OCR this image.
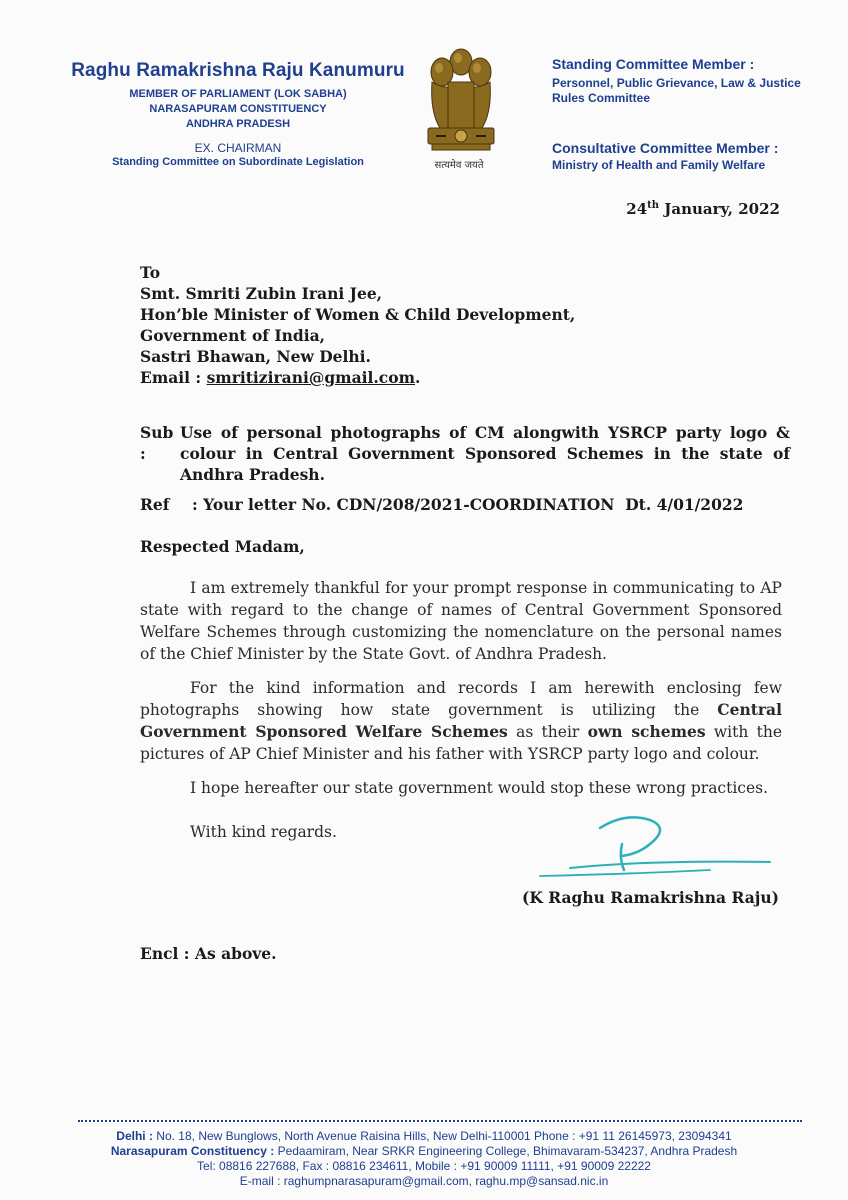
Raghu Ramakrishna Raju Kanumuru
MEMBER OF PARLIAMENT (LOK SABHA)
NARASAPURAM CONSTITUENCY
ANDHRA PRADESH
EX. CHAIRMAN
Standing Committee on Subordinate Legislation	सत्यमेव जयते
Standing Committee Member :
Personnel, Public Grievance, Law & Justice
Rules Committee
Consultative Committee Member :
Ministry of Health and Family Welfare
24th January, 2022
To
Smt. Smriti Zubin Irani Jee,
Hon’ble Minister of Women & Child Development,
Government of India,
Sastri Bhawan, New Delhi.
Email : smritizirani@gmail.com.
Sub :
Use of personal photographs of CM alongwith YSRCP party logo & colour in Central Government Sponsored Schemes in the state of Andhra Pradesh.
Ref	: Your letter No. CDN/208/2021-COORDINATION  Dt. 4/01/2022
Respected Madam,
I am extremely thankful for your prompt response in communicating to AP state with regard to the change of names of Central Government Sponsored Welfare Schemes through customizing the nomenclature on the personal names of the Chief Minister by the State Govt. of Andhra Pradesh.
For the kind information and records I am herewith enclosing few photographs showing how state government is utilizing the Central Government Sponsored Welfare Schemes as their own schemes with the pictures of AP Chief Minister and his father with YSRCP party logo and colour.
I hope hereafter our state government would stop these wrong practices.
With kind regards.
(K Raghu Ramakrishna Raju)
Encl : As above.
Delhi : No. 18, New Bunglows, North Avenue Raisina Hills, New Delhi-110001 Phone : +91 11 26145973, 23094341
Narasapuram Constituency : Pedaamiram, Near SRKR Engineering College, Bhimavaram-534237, Andhra Pradesh
Tel: 08816 227688, Fax : 08816 234611, Mobile : +91 90009 11111, +91 90009 22222
E-mail : raghumpnarasapuram@gmail.com, raghu.mp@sansad.nic.in
